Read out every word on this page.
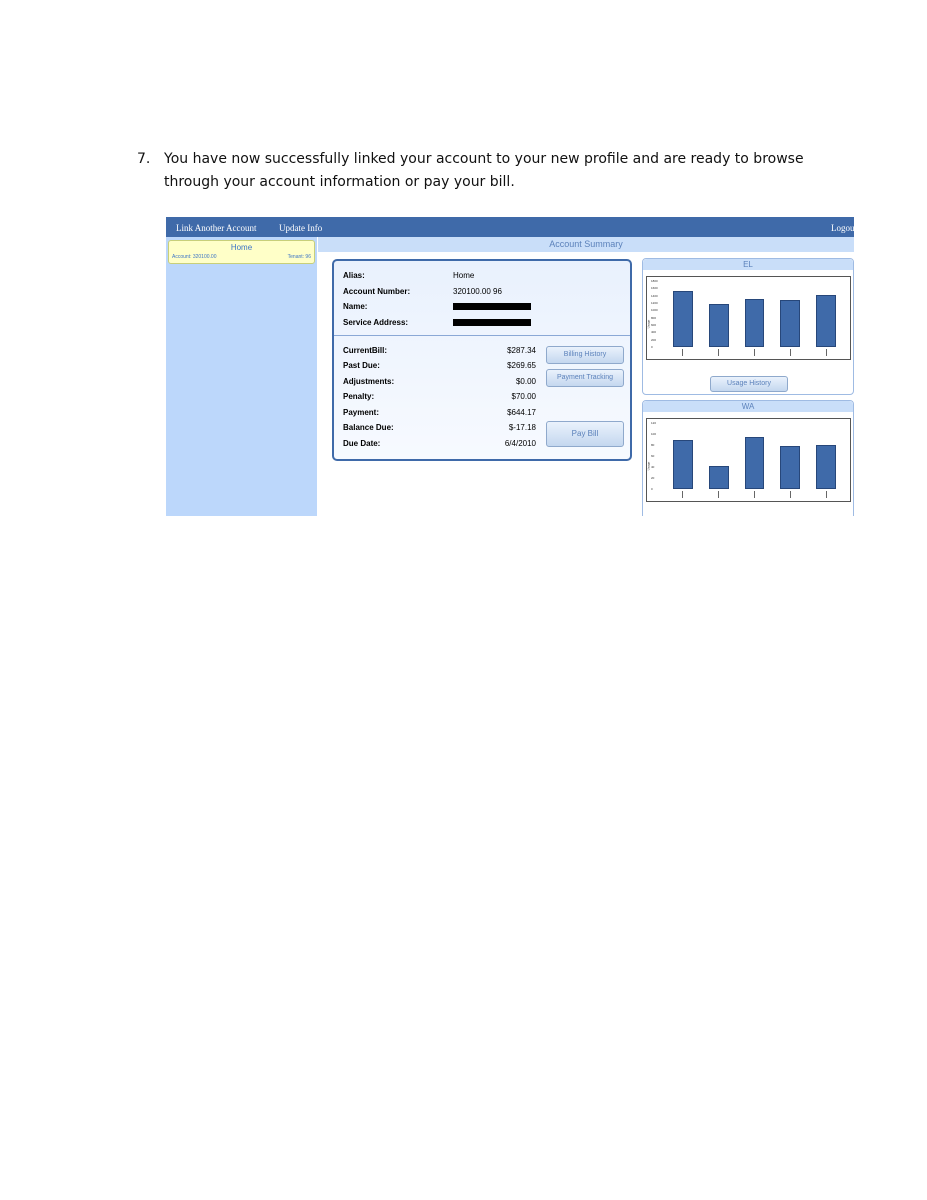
7. You have now successfully linked your account to your new profile and are ready to browse through your account information or pay your bill.
Link Another Account	Update Info	Logou
Home
Account: 320100.00	Tenant: 96
Account Summary
Alias:	Home
Account Number:	320100.00 96
Name:
Service Address:
CurrentBill:	$287.34
Past Due:	$269.65
Adjustments:	$0.00
Penalty:	$70.00
Payment:	$644.17
Balance Due:	$-17.18
Due Date:	6/4/2010
Billing History
Payment Tracking
Pay Bill
EL
1800
1600
1400
1200
1000
800
600
400
200
0
Usage
Usage History
WA
120
100
80
60
40
20
0
Usage
